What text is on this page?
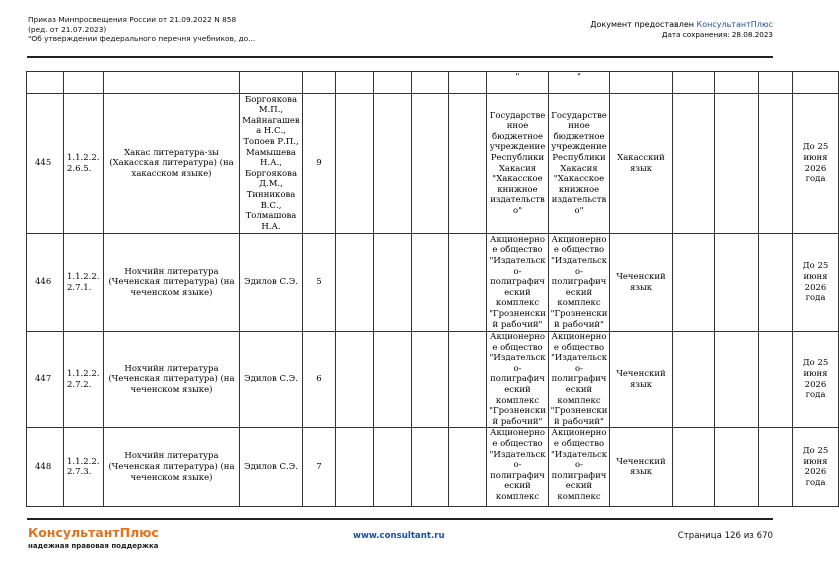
Приказ Минпросвещения России от 21.09.2022 N 858
(ред. от 21.07.2023)
"Об утверждении федерального перечня учебников, до...
Документ предоставлен КонсультантПлюс
Дата сохранения: 28.08.2023
									"	"					
445	1.1.2.2.2.6.5.	Хакас литература-зы (Хакасская литература) (на хакасском языке)	Боргоякова М.П., Майнагашева Н.С., Топоев Р.П., Мамышева Н.А., Боргоякова Д.М., Тинникова В.С., Толмашова Н.А.	9					Государственное бюджетное учреждение Республики Хакасия "Хакасское книжное издательство"	Государственное бюджетное учреждение Республики Хакасия "Хакасское книжное издательство"	Хакасский язык				До 25 июня 2026 года
446	1.1.2.2.2.7.1.	Нохчийн литература (Чеченская литература) (на чеченском языке)	Эдилов С.Э.	5					Акционерное общество "Издательско-полиграфический комплекс "Грозненский рабочий"	Акционерное общество "Издательско-полиграфический комплекс "Грозненский рабочий"	Чеченский язык				До 25 июня 2026 года
447	1.1.2.2.2.7.2.	Нохчийн литература (Чеченская литература) (на чеченском языке)	Эдилов С.Э.	6					Акционерное общество "Издательско-полиграфический комплекс "Грозненский рабочий"	Акционерное общество "Издательско-полиграфический комплекс "Грозненский рабочий"	Чеченский язык				До 25 июня 2026 года
448	1.1.2.2.2.7.3.	Нохчийн литература (Чеченская литература) (на чеченском языке)	Эдилов С.Э.	7					Акционерное общество "Издательско-полиграфический комплекс	Акционерное общество "Издательско-полиграфический комплекс	Чеченский язык				До 25 июня 2026 года
КонсультантПлюс
надежная правовая поддержка
www.consultant.ru	Страница 126 из 670
